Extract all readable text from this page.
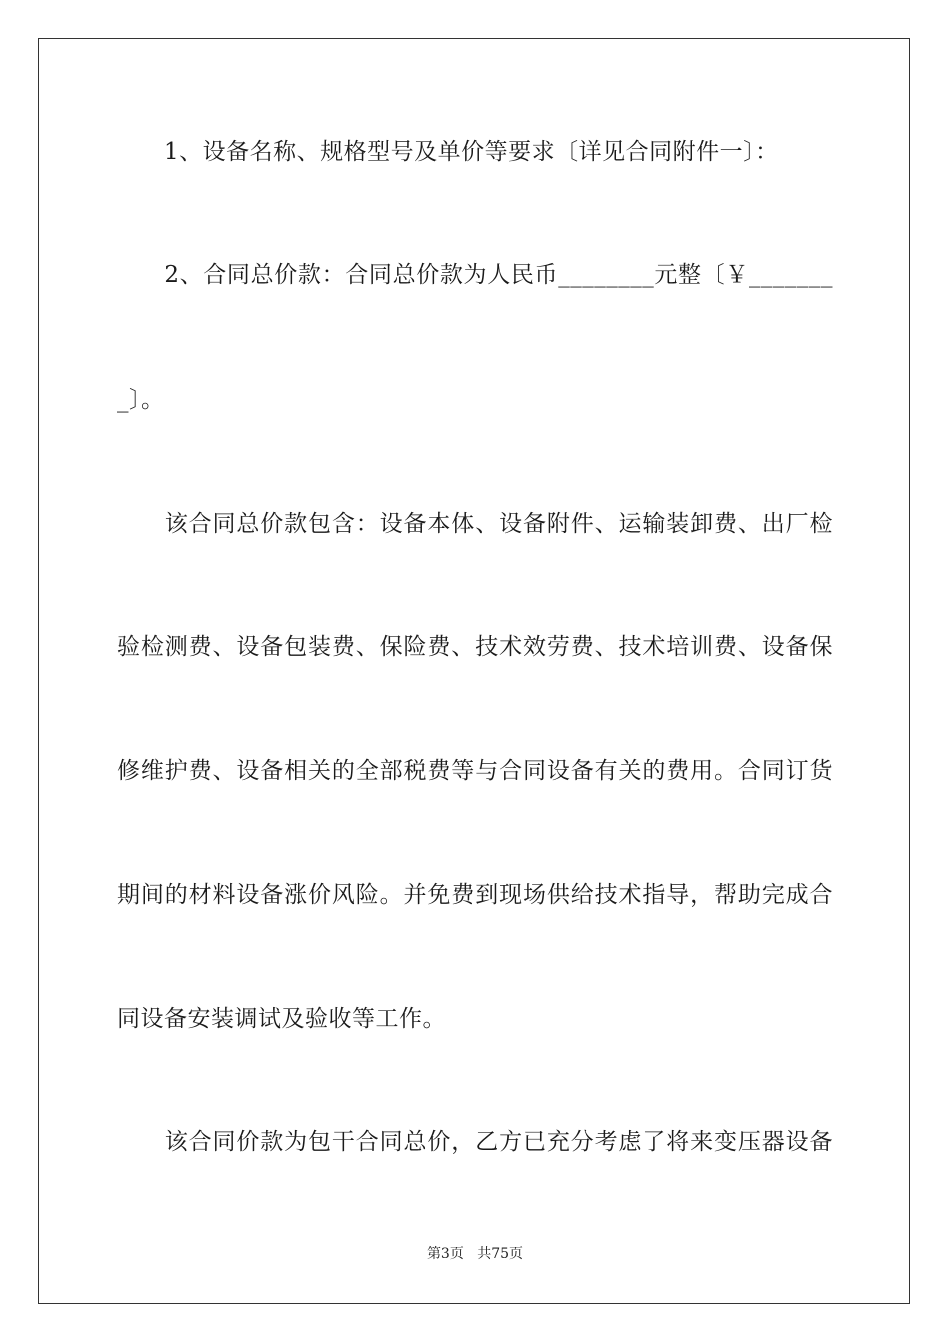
　　1、设备名称、规格型号及单价等要求〔详见合同附件一〕：
　　2、合同总价款：合同总价款为人民币________元整〔￥_______
_〕。
　　该合同总价款包含：设备本体、设备附件、运输装卸费、出厂检
验检测费、设备包装费、保险费、技术效劳费、技术培训费、设备保
修维护费、设备相关的全部税费等与合同设备有关的费用。合同订货
期间的材料设备涨价风险。并免费到现场供给技术指导，帮助完成合
同设备安装调试及验收等工作。
　　该合同价款为包干合同总价，乙方已充分考虑了将来变压器设备
第3页 共75页
